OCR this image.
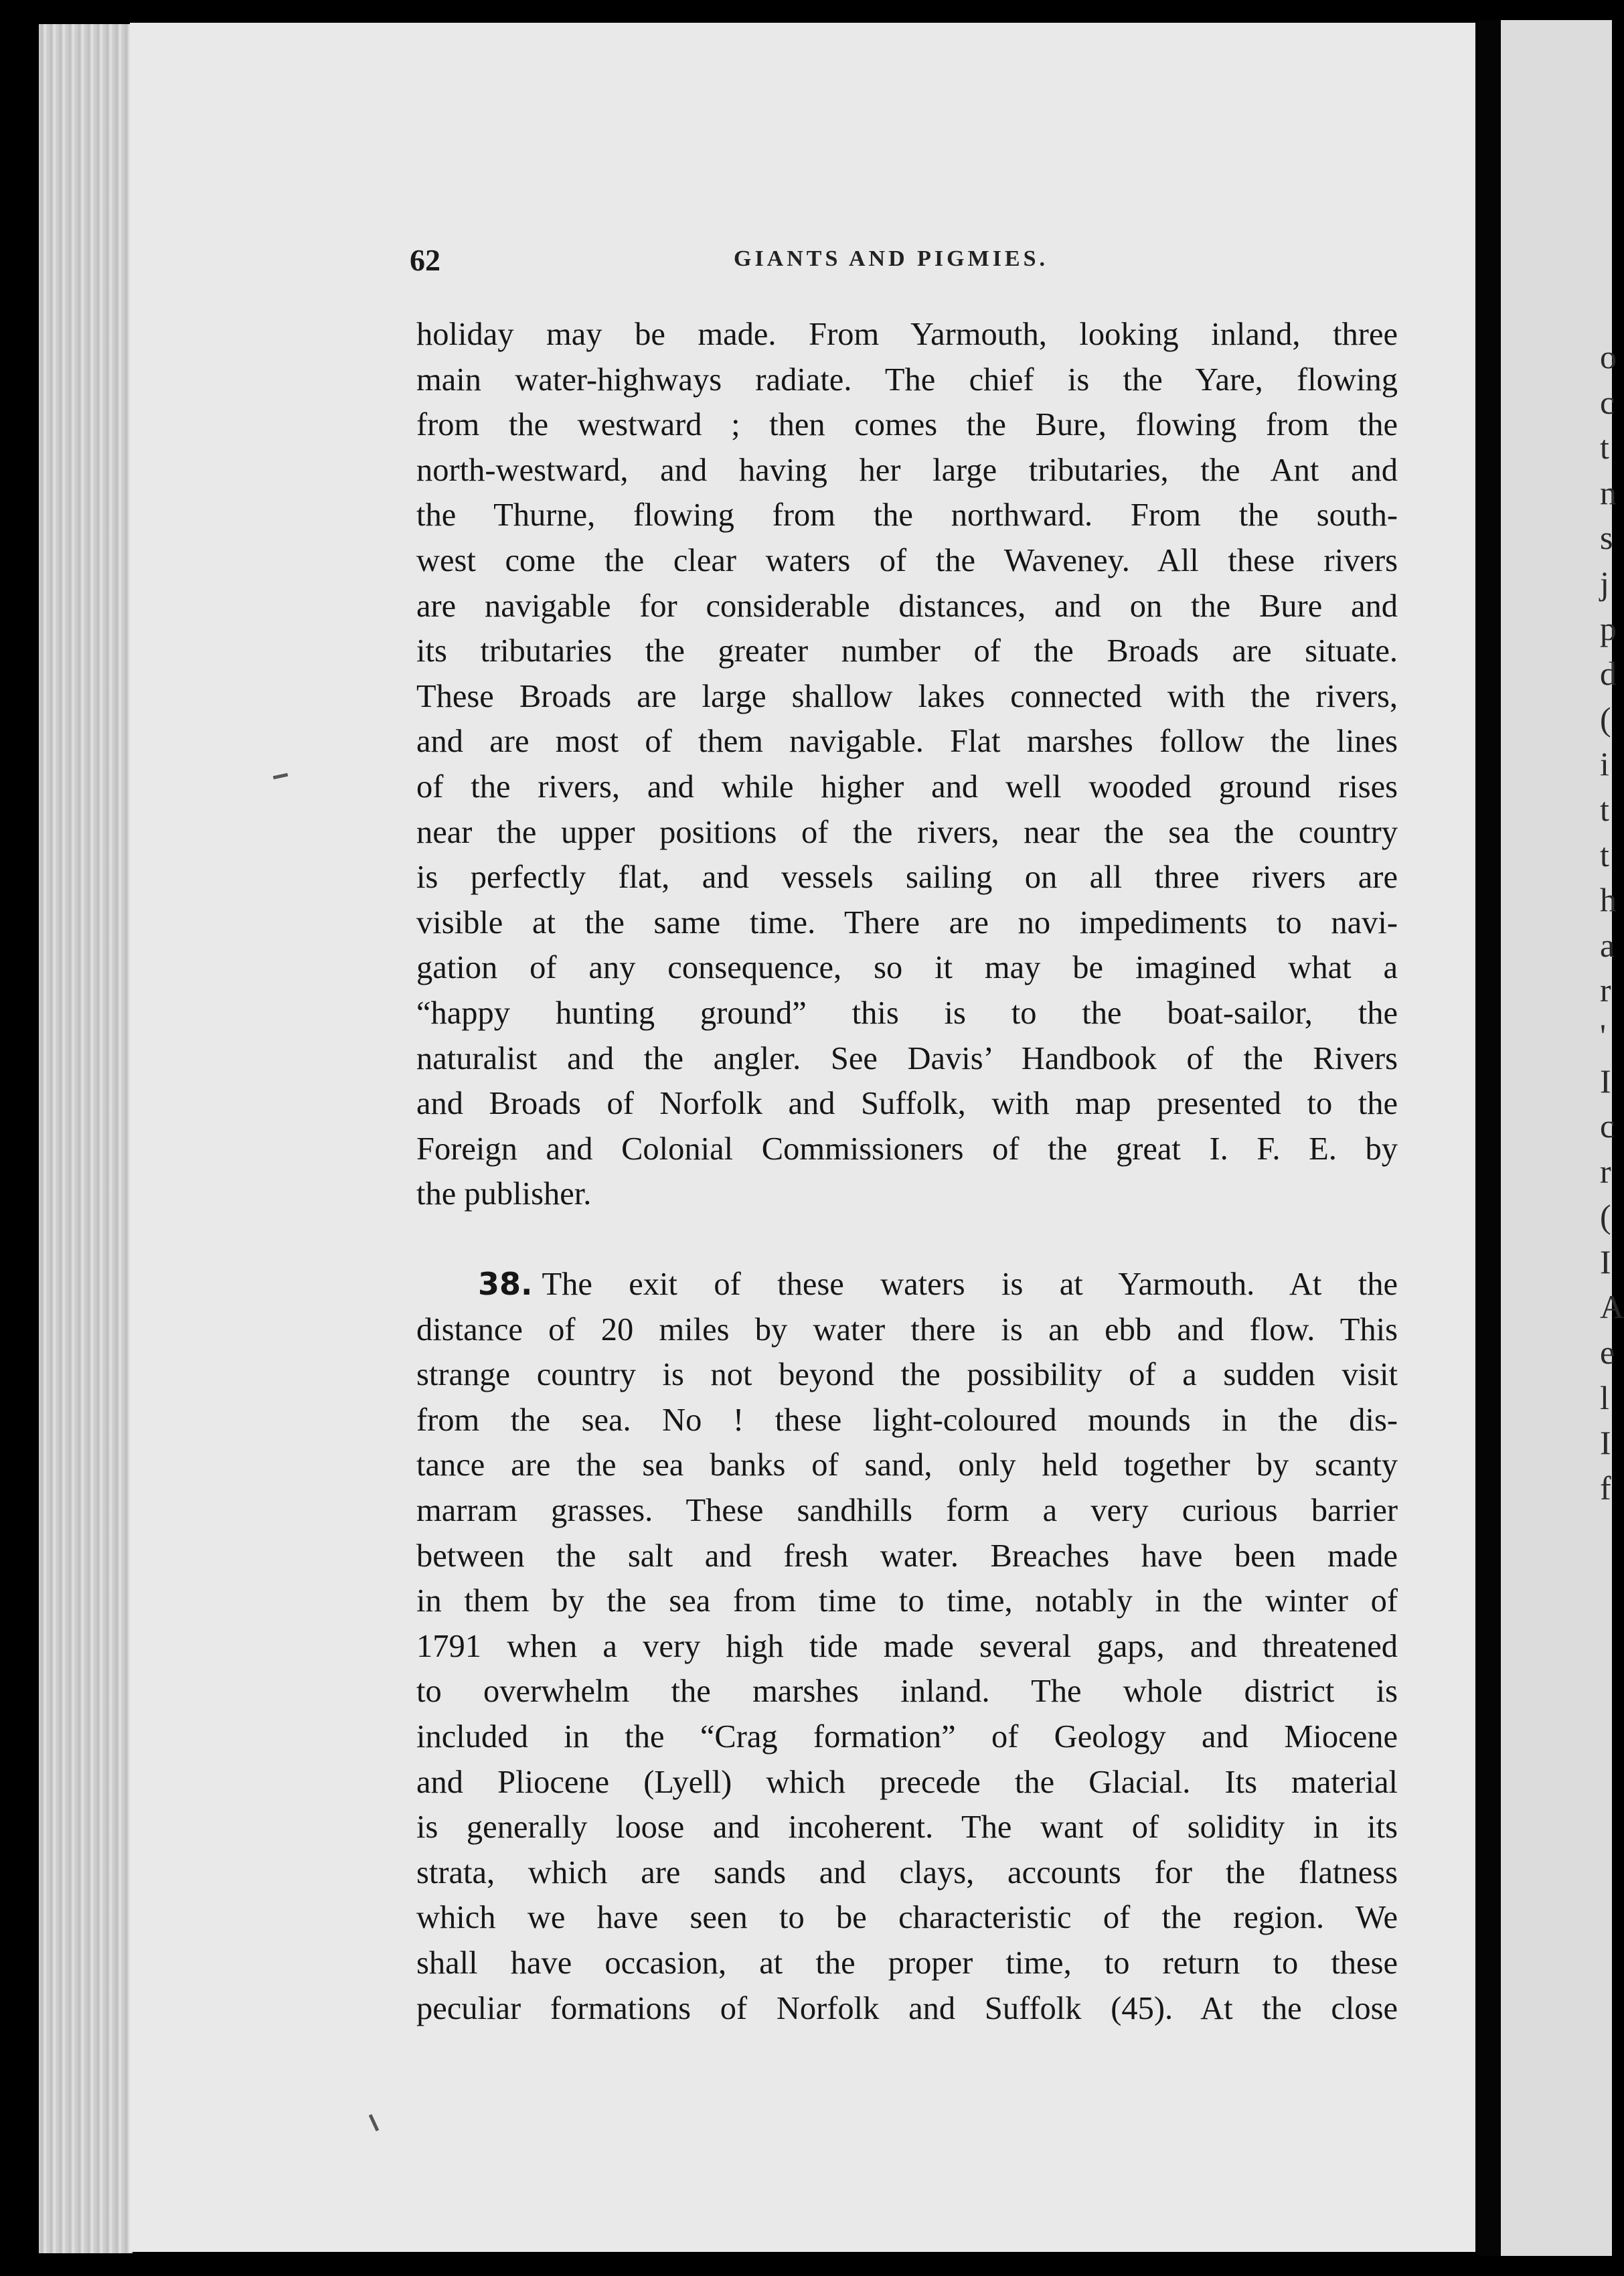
62	GIANTS AND PIGMIES.
holiday may be made. From Yarmouth, looking inland, three
main water-highways radiate. The chief is the Yare, flowing
from the westward ; then comes the Bure, flowing from the
north-westward, and having her large tributaries, the Ant and
the Thurne, flowing from the northward. From the south-
west come the clear waters of the Waveney. All these rivers
are navigable for considerable distances, and on the Bure and
its tributaries the greater number of the Broads are situate.
These Broads are large shallow lakes connected with the rivers,
and are most of them navigable. Flat marshes follow the lines
of the rivers, and while higher and well wooded ground rises
near the upper positions of the rivers, near the sea the country
is perfectly flat, and vessels sailing on all three rivers are
visible at the same time. There are no impediments to navi-
gation of any consequence, so it may be imagined what a
“happy hunting ground” this is to the boat-sailor, the
naturalist and the angler. See Davis’ Handbook of the Rivers
and Broads of Norfolk and Suffolk, with map presented to the
Foreign and Colonial Commissioners of the great I. F. E. by
the publisher.
38. The exit of these waters is at Yarmouth. At the
distance of 20 miles by water there is an ebb and flow. This
strange country is not beyond the possibility of a sudden visit
from the sea. No ! these light-coloured mounds in the dis-
tance are the sea banks of sand, only held together by scanty
marram grasses. These sandhills form a very curious barrier
between the salt and fresh water. Breaches have been made
in them by the sea from time to time, notably in the winter of
1791 when a very high tide made several gaps, and threatened
to overwhelm the marshes inland. The whole district is
included in the “Crag formation” of Geology and Miocene
and Pliocene (Lyell) which precede the Glacial. Its material
is generally loose and incoherent. The want of solidity in its
strata, which are sands and clays, accounts for the flatness
which we have seen to be characteristic of the region. We
shall have occasion, at the proper time, to return to these
peculiar formations of Norfolk and Suffolk (45). At the close
o
c
t
n
s
j
p
d
(
i
t
t
h
a
r
'
I
c
r
(
I
A
e
l
I
f
